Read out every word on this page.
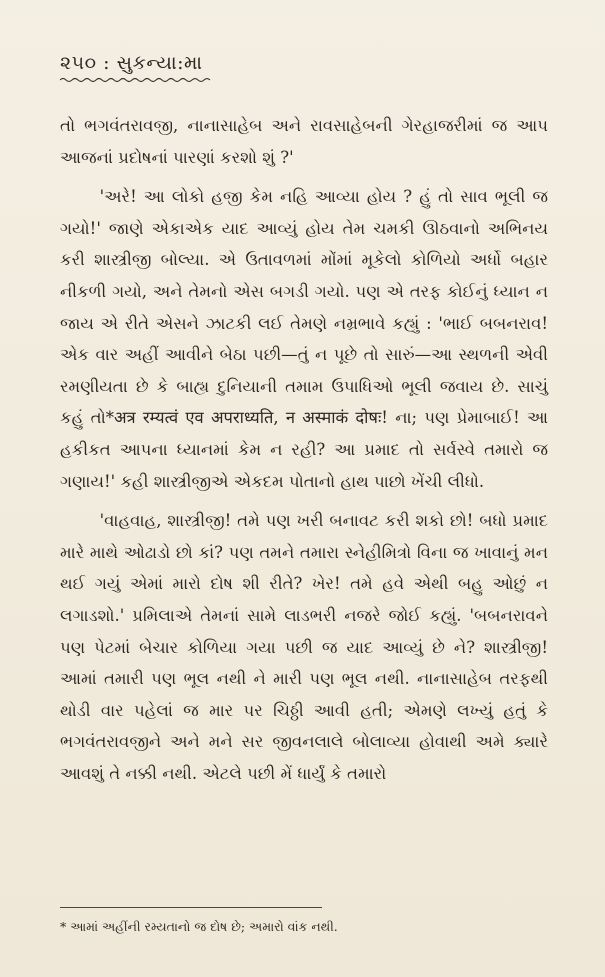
૨૫૦ : સુકન્યા:મા

તો ભગવંતરાવજી, નાનાસાહેબ અને રાવસાહેબની ગેરહાજરીમાં જ આપ આજનાં પ્રદોષનાં પારણાં કરશો શું ?'

'અરે! આ લોકો હજી કેમ નહિ આવ્યા હોય ? હું તો સાવ ભૂલી જ ગયો!' જાણે એકાએક યાદ આવ્યું હોય તેમ ચમકી ઊઠવાનો અભિનય કરી શાસ્ત્રીજી બોલ્યા. એ ઉતાવળમાં મોંમાં મૂકેલો કોળિયો અર્ધો બહાર નીકળી ગયો, અને તેમનો એસ બગડી ગયો. પણ એ તરફ કોઈનું ધ્યાન ન જાય એ રીતે એસને ઝાટકી લઈ તેમણે નમ્રભાવે કહ્યું : 'ભાઈ બબનરાવ! એક વાર અહીં આવીને બેઠા પછી—તું ન પૂછે તો સારું—આ સ્થળની એવી રમણીયતા છે કે બાહ્ય દુનિયાની તમામ ઉપાધિઓ ભૂલી જવાય છે. સાચું કહું તો*अत्र रम्यत्वं एव अपराध्यति, न अस्माकं दोषः! ના; પણ પ્રેમાબાઈ! આ હકીકત આપના ધ્યાનમાં કેમ ન રહી? આ પ્રમાદ તો સર્વસ્વે તમારો જ ગણાય!' કહી શાસ્ત્રીજીએ એકદમ પોતાનો હાથ પાછો ખેંચી લીધો.

'વાહવાહ, શાસ્ત્રીજી! તમે પણ ખરી બનાવટ કરી શકો છો! બધો પ્રમાદ મારે માથે ઓઢાડો છો કાં? પણ તમને તમારા સ્નેહીમિત્રો વિના જ ખાવાનું મન થઈ ગયું એમાં મારો દોષ શી રીતે? ખેર! તમે હવે એથી બહુ ઓછું ન લગાડશો.' પ્રમિલાએ તેમનાં સામે લાડભરી નજરે જોઈ કહ્યું. 'બબનરાવને પણ પેટમાં બેચાર કોળિયા ગયા પછી જ યાદ આવ્યું છે ને? શાસ્ત્રીજી! આમાં તમારી પણ ભૂલ નથી ને મારી પણ ભૂલ નથી. નાનાસાહેબ તરફથી થોડી વાર પહેલાં જ માર પર ચિઠ્ઠી આવી હતી; એમણે લખ્યું હતું કે ભગવંતરાવજીને અને મને સર જીવનલાલે બોલાવ્યા હોવાથી અમે ક્યારે આવશું તે નક્કી નથી. એટલે પછી મેં ધાર્યું કે તમારો

* આમાં અહીંની રમ્યતાનો જ દોષ છે; અમારો વાંક નથી.
